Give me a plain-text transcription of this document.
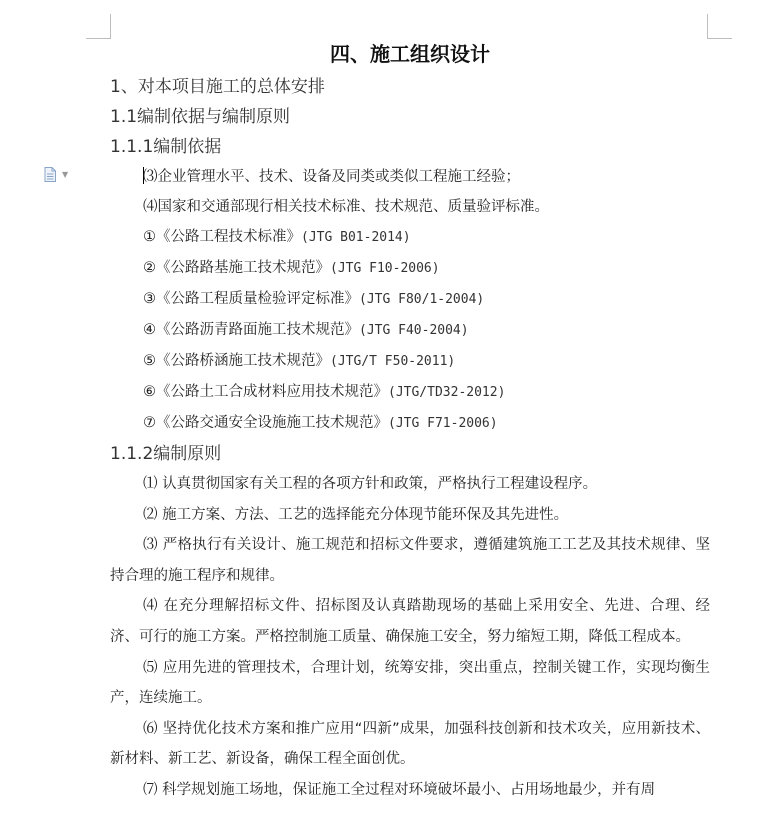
▼
四、施工组织设计
1、对本项目施工的总体安排
1.1编制依据与编制原则
1.1.1编制依据
⑶企业管理水平、技术、设备及同类或类似工程施工经验；
⑷国家和交通部现行相关技术标准、技术规范、质量验评标准。
①《公路工程技术标准》(JTG B01-2014)
②《公路路基施工技术规范》(JTG F10-2006)
③《公路工程质量检验评定标准》(JTG F80/1-2004)
④《公路沥青路面施工技术规范》(JTG F40-2004)
⑤《公路桥涵施工技术规范》(JTG/T F50-2011)
⑥《公路土工合成材料应用技术规范》(JTG/TD32-2012)
⑦《公路交通安全设施施工技术规范》(JTG F71-2006)
1.1.2编制原则

⑴ 认真贯彻国家有关工程的各项方针和政策，严格执行工程建设程序。

⑵ 施工方案、方法、工艺的选择能充分体现节能环保及其先进性。

⑶ 严格执行有关设计、施工规范和招标文件要求，遵循建筑施工工艺及其技术规律、坚持合理的施工程序和规律。

⑷ 在充分理解招标文件、招标图及认真踏勘现场的基础上采用安全、先进、合理、经济、可行的施工方案。严格控制施工质量、确保施工安全，努力缩短工期，降低工程成本。

⑸ 应用先进的管理技术，合理计划，统筹安排，突出重点，控制关键工作，实现均衡生产，连续施工。

⑹ 坚持优化技术方案和推广应用“四新”成果，加强科技创新和技术攻关，应用新技术、新材料、新工艺、新设备，确保工程全面创优。

⑺ 科学规划施工场地，保证施工全过程对环境破坏最小、占用场地最少，并有周
